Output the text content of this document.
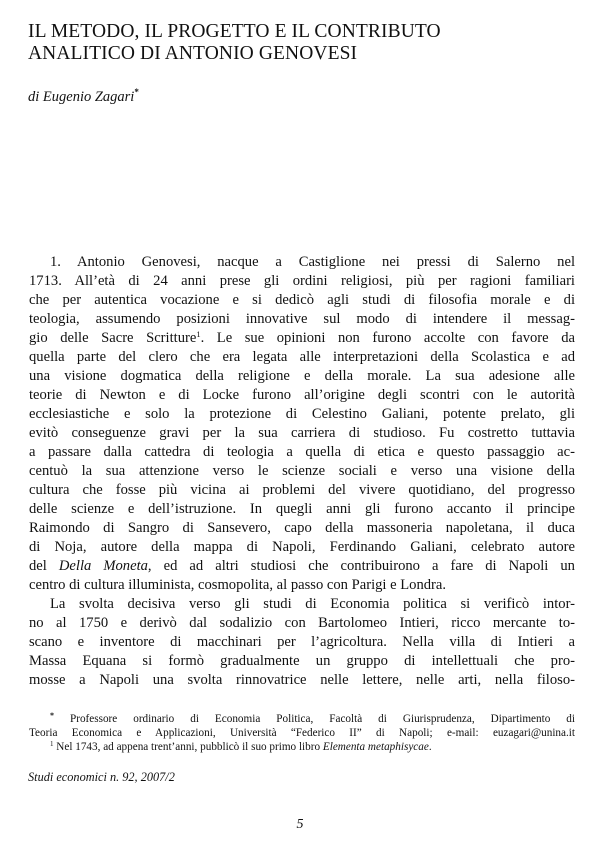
IL METODO, IL PROGETTO E IL CONTRIBUTO
ANALITICO DI ANTONIO GENOVESI
di Eugenio Zagari*
1. Antonio Genovesi, nacque a Castiglione nei pressi di Salerno nel
1713. All’età di 24 anni prese gli ordini religiosi, più per ragioni familiari
che per autentica vocazione e si dedicò agli studi di filosofia morale e di
teologia, assumendo posizioni innovative sul modo di intendere il messag-
gio delle Sacre Scritture$^1$. Le sue opinioni non furono accolte con favore da
quella parte del clero che era legata alle interpretazioni della Scolastica e ad
una visione dogmatica della religione e della morale. La sua adesione alle
teorie di Newton e di Locke furono all’origine degli scontri con le autorità
ecclesiastiche e solo la protezione di Celestino Galiani, potente prelato, gli
evitò conseguenze gravi per la sua carriera di studioso. Fu costretto tuttavia
a passare dalla cattedra di teologia a quella di etica e questo passaggio ac-
centuò la sua attenzione verso le scienze sociali e verso una visione della
cultura che fosse più vicina ai problemi del vivere quotidiano, del progresso
delle scienze e dell’istruzione. In quegli anni gli furono accanto il principe
Raimondo di Sangro di Sansevero, capo della massoneria napoletana, il duca
di Noja, autore della mappa di Napoli, Ferdinando Galiani, celebrato autore
del Della Moneta, ed ad altri studiosi che contribuirono a fare di Napoli un
centro di cultura illuminista, cosmopolita, al passo con Parigi e Londra.
La svolta decisiva verso gli studi di Economia politica si verificò intor-
no al 1750 e derivò dal sodalizio con Bartolomeo Intieri, ricco mercante to-
scano e inventore di macchinari per l’agricoltura. Nella villa di Intieri a
Massa Equana si formò gradualmente un gruppo di intellettuali che pro-
mosse a Napoli una svolta rinnovatrice nelle lettere, nelle arti, nella filoso-
* Professore ordinario di Economia Politica, Facoltà di Giurisprudenza, Dipartimento di
Teoria Economica e Applicazioni, Università “Federico II” di Napoli; e-mail: euzagari@unina.it
$^1$ Nel 1743, ad appena trent’anni, pubblicò il suo primo libro Elementa metaphisycae.
Studi economici n. 92, 2007/2
5
